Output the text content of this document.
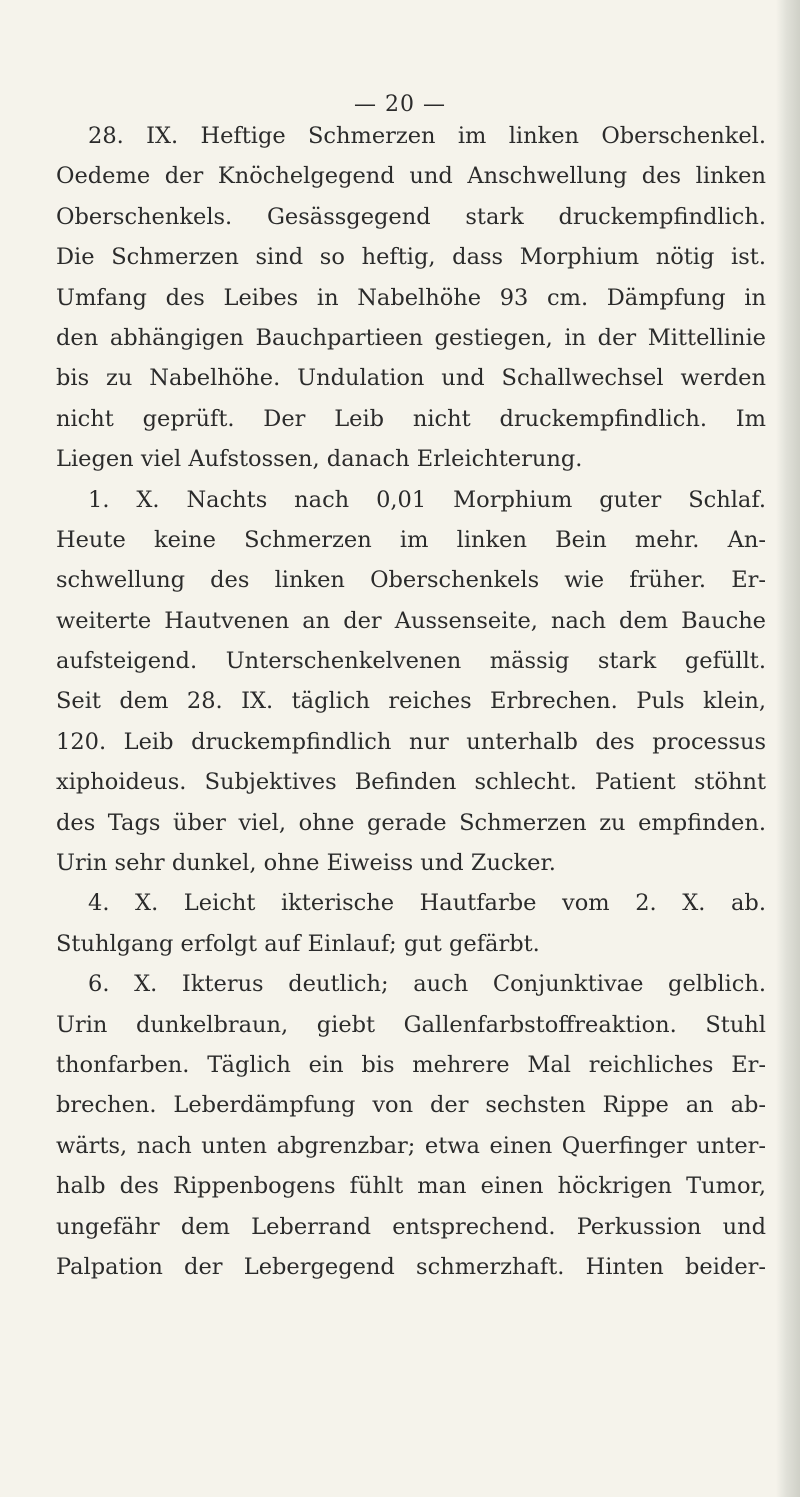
— 20 —
28. IX. Heftige Schmerzen im linken Oberschenkel.
Oedeme der Knöchelgegend und Anschwellung des linken
Oberschenkels. Gesässgegend stark druckempfindlich.
Die Schmerzen sind so heftig, dass Morphium nötig ist.
Umfang des Leibes in Nabelhöhe 93 cm. Dämpfung in
den abhängigen Bauchpartieen gestiegen, in der Mittellinie
bis zu Nabelhöhe. Undulation und Schallwechsel werden
nicht geprüft. Der Leib nicht druckempfindlich. Im
Liegen viel Aufstossen, danach Erleichterung.
1. X. Nachts nach 0,01 Morphium guter Schlaf.
Heute keine Schmerzen im linken Bein mehr. An-
schwellung des linken Oberschenkels wie früher. Er-
weiterte Hautvenen an der Aussenseite, nach dem Bauche
aufsteigend. Unterschenkelvenen mässig stark gefüllt.
Seit dem 28. IX. täglich reiches Erbrechen. Puls klein,
120. Leib druckempfindlich nur unterhalb des processus
xiphoideus. Subjektives Befinden schlecht. Patient stöhnt
des Tags über viel, ohne gerade Schmerzen zu empfinden.
Urin sehr dunkel, ohne Eiweiss und Zucker.
4. X. Leicht ikterische Hautfarbe vom 2. X. ab.
Stuhlgang erfolgt auf Einlauf; gut gefärbt.
6. X. Ikterus deutlich; auch Conjunktivae gelblich.
Urin dunkelbraun, giebt Gallenfarbstoffreaktion. Stuhl
thonfarben. Täglich ein bis mehrere Mal reichliches Er-
brechen. Leberdämpfung von der sechsten Rippe an ab-
wärts, nach unten abgrenzbar; etwa einen Querfinger unter-
halb des Rippenbogens fühlt man einen höckrigen Tumor,
ungefähr dem Leberrand entsprechend. Perkussion und
Palpation der Lebergegend schmerzhaft. Hinten beider-
